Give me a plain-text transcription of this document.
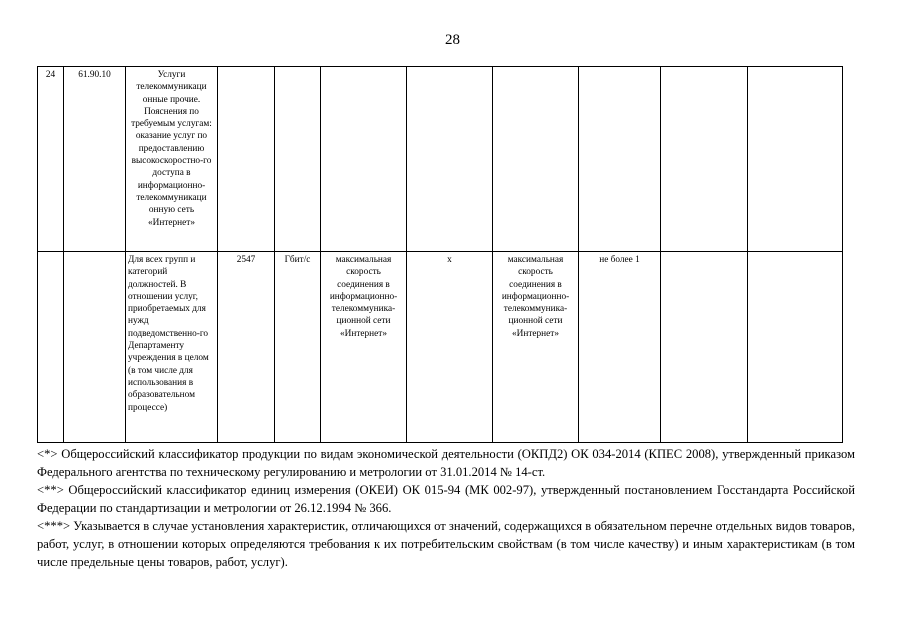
28
24	61.90.10	Услуги телекоммуникаци онные прочие. Пояснения по требуемым услугам: оказание услуг по предоставлению высокоскоростно-го доступа в информационно-телекоммуникаци онную сеть «Интернет»								
		Для всех групп и категорий должностей. В отношении услуг, приобретаемых для нужд подведомственно-го Департаменту учреждения в целом (в том числе для использования в образовательном процессе)	2547	Гбит/с	максимальная скорость соединения в информационно-телекоммуника-ционной сети «Интернет»	x	максимальная скорость соединения в информационно-телекоммуника-ционной сети «Интернет»	не более 1		

<*> Общероссийский классификатор продукции по видам экономической деятельности (ОКПД2) ОК 034-2014 (КПЕС 2008), утвержденный приказом Федерального агентства по техническому регулированию и метрологии от 31.01.2014 № 14-ст.

<**> Общероссийский классификатор единиц измерения (ОКЕИ) ОК 015-94 (МК 002-97), утвержденный постановлением Госстандарта Российской Федерации по стандартизации и метрологии от 26.12.1994 № 366.

<***> Указывается в случае установления характеристик, отличающихся от значений, содержащихся в обязательном перечне отдельных видов товаров, работ, услуг, в отношении которых определяются требования к их потребительским свойствам (в том числе качеству) и иным характеристикам (в том числе предельные цены товаров, работ, услуг).
